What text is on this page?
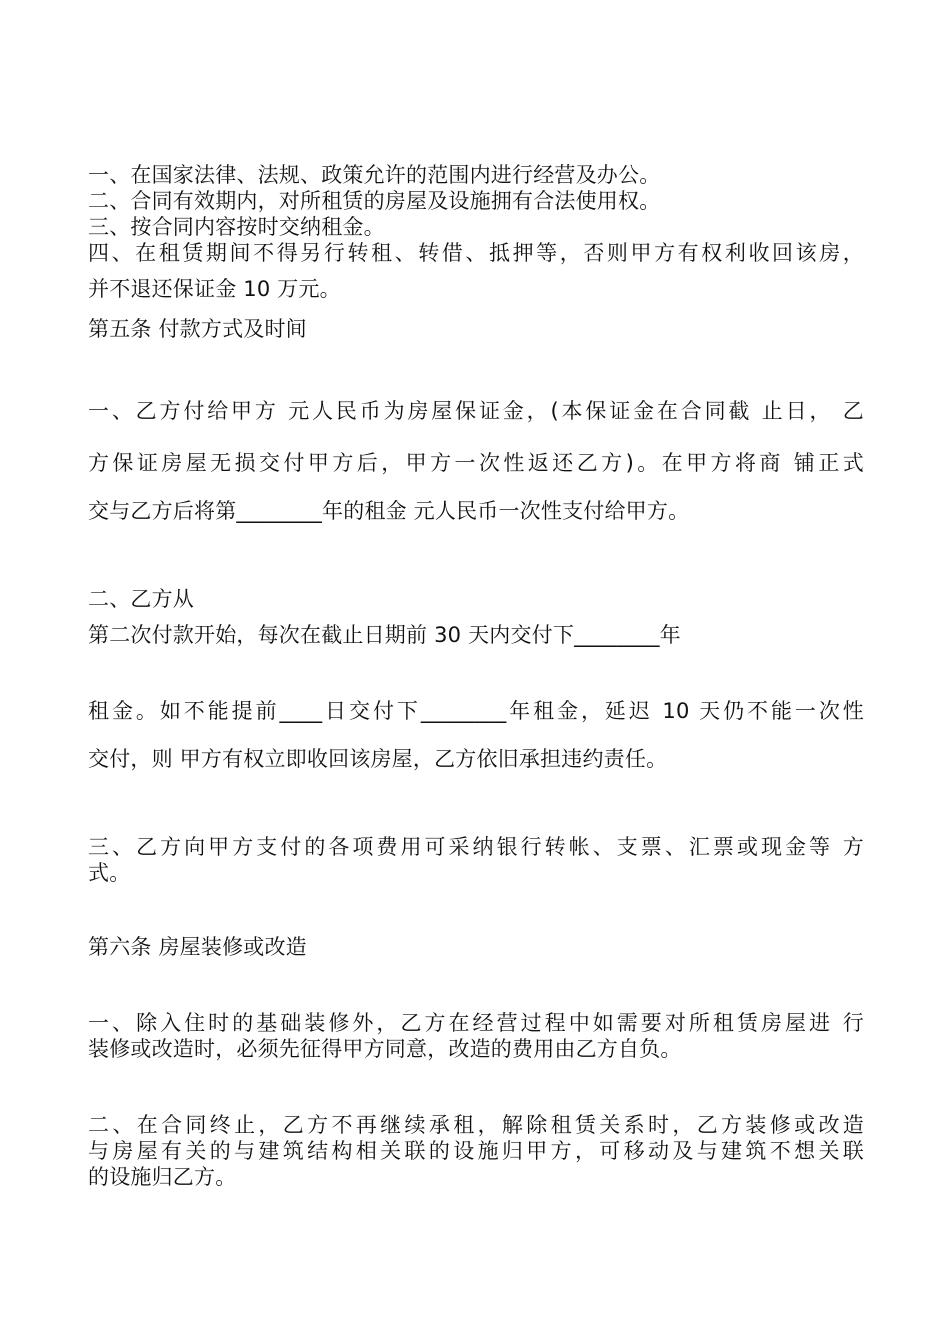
一、在国家法律、法规、政策允许的范围内进行经营及办公。
二、合同有效期内，对所租赁的房屋及设施拥有合法使用权。
三、按合同内容按时交纳租金。
四、在租赁期间不得另行转租、转借、抵押等，否则甲方有权利收回该房，
并不退还保证金 10 万元。
第五条 付款方式及时间
一、乙方付给甲方 元人民币为房屋保证金，(本保证金在合同截 止日， 乙
方保证房屋无损交付甲方后，甲方一次性返还乙方)。在甲方将商 铺正式
交与乙方后将第________年的租金 元人民币一次性支付给甲方。
二、乙方从
第二次付款开始，每次在截止日期前 30 天内交付下________年
租金。如不能提前____日交付下________年租金，延迟 10 天仍不能一次性
交付，则 甲方有权立即收回该房屋，乙方依旧承担违约责任。
三、乙方向甲方支付的各项费用可采纳银行转帐、支票、汇票或现金等 方
式。
第六条 房屋装修或改造
一、除入住时的基础装修外，乙方在经营过程中如需要对所租赁房屋进 行
装修或改造时，必须先征得甲方同意，改造的费用由乙方自负。
二、在合同终止，乙方不再继续承租，解除租赁关系时，乙方装修或改造
与房屋有关的与建筑结构相关联的设施归甲方，可移动及与建筑不想关联
的设施归乙方。
